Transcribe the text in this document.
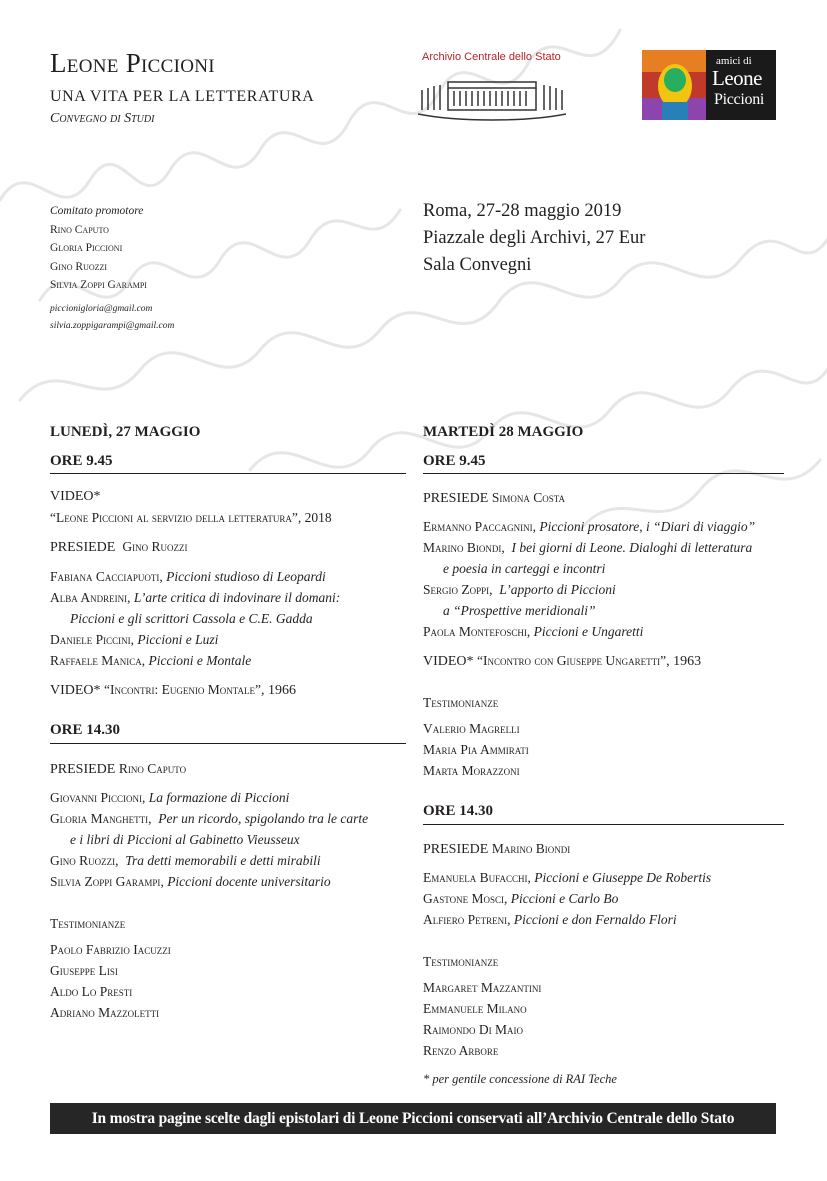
Leone Piccioni
UNA VITA PER LA LETTERATURA
Convegno di Studi
Archivio Centrale dello Stato	amici di
Leone
Piccioni
Comitato promotore
Rino Caputo
Gloria Piccioni
Gino Ruozzi
Silvia Zoppi Garampi
piccionigloria@gmail.com
silvia.zoppigarampi@gmail.com
Roma, 27-28 maggio 2019
Piazzale degli Archivi, 27 Eur
Sala Convegni
LUNEDÌ, 27 MAGGIO
ORE 9.45
VIDEO*
“Leone Piccioni al servizio della letteratura”, 2018
PRESIEDE Gino Ruozzi
Fabiana Cacciapuoti, Piccioni studioso di Leopardi
Alba Andreini, L’arte critica di indovinare il domani:
Piccioni e gli scrittori Cassola e C.E. Gadda
Daniele Piccini, Piccioni e Luzi
Raffaele Manica, Piccioni e Montale
VIDEO* “Incontri: Eugenio Montale”, 1966
ORE 14.30
PRESIEDE Rino Caputo
Giovanni Piccioni, La formazione di Piccioni
Gloria Manghetti,  Per un ricordo, spigolando tra le carte
e i libri di Piccioni al Gabinetto Vieusseux
Gino Ruozzi,  Tra detti memorabili e detti mirabili
Silvia Zoppi Garampi, Piccioni docente universitario
Testimonianze
Paolo Fabrizio Iacuzzi
Giuseppe Lisi
Aldo Lo Presti
Adriano Mazzoletti
MARTEDÌ 28 MAGGIO
ORE 9.45
PRESIEDE Simona Costa
Ermanno Paccagnini, Piccioni prosatore, i “Diari di viaggio”
Marino Biondi,  I bei giorni di Leone. Dialoghi di letteratura
e poesia in carteggi e incontri
Sergio Zoppi,  L’apporto di Piccioni
a “Prospettive meridionali”
Paola Montefoschi, Piccioni e Ungaretti
VIDEO* “Incontro con Giuseppe Ungaretti”, 1963
Testimonianze
Valerio Magrelli
Maria Pia Ammirati
Marta Morazzoni
ORE 14.30
PRESIEDE Marino Biondi
Emanuela Bufacchi, Piccioni e Giuseppe De Robertis
Gastone Mosci, Piccioni e Carlo Bo
Alfiero Petreni, Piccioni e don Fernaldo Flori
Testimonianze
Margaret Mazzantini
Emmanuele Milano
Raimondo Di Maio
Renzo Arbore
* per gentile concessione di RAI Teche
In mostra pagine scelte dagli epistolari di Leone Piccioni conservati all’Archivio Centrale dello Stato
